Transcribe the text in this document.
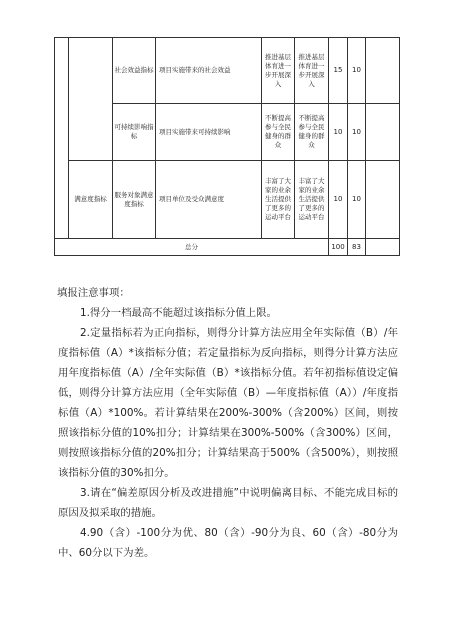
		社会效益指标	项目实施带来的社会效益	推进基层体育进一步开展深入	推进基层体育进一步开展深入	15	10	
		可持续影响指标	项目实施带来可持续影响	不断提高参与全民健身的群众	不断提高参与全民健身的群众	10	10	
	满意度指标	服务对象满意度指标	项目单位及受众满意度	丰富了大家的业余生活提供了更多的运动平台	丰富了大家的业余生活提供了更多的运动平台	10	10	
总分						100	83	
填报注意事项：

1.得分一档最高不能超过该指标分值上限。

2.定量指标若为正向指标，则得分计算方法应用全年实际值（B）/年度指标值（A）*该指标分值；若定量指标为反向指标，则得分计算方法应用年度指标值（A）/全年实际值（B）*该指标分值。若年初指标值设定偏低，则得分计算方法应用（全年实际值（B）—年度指标值（A））/年度指标值（A）*100%。若计算结果在200%-300%（含200%）区间，则按照该指标分值的10%扣分；计算结果在300%-500%（含300%）区间，则按照该指标分值的20%扣分；计算结果高于500%（含500%），则按照该指标分值的30%扣分。

3.请在“偏差原因分析及改进措施”中说明偏离目标、不能完成目标的原因及拟采取的措施。

4.90（含）-100分为优、80（含）-90分为良、60（含）-80分为中、60分以下为差。
